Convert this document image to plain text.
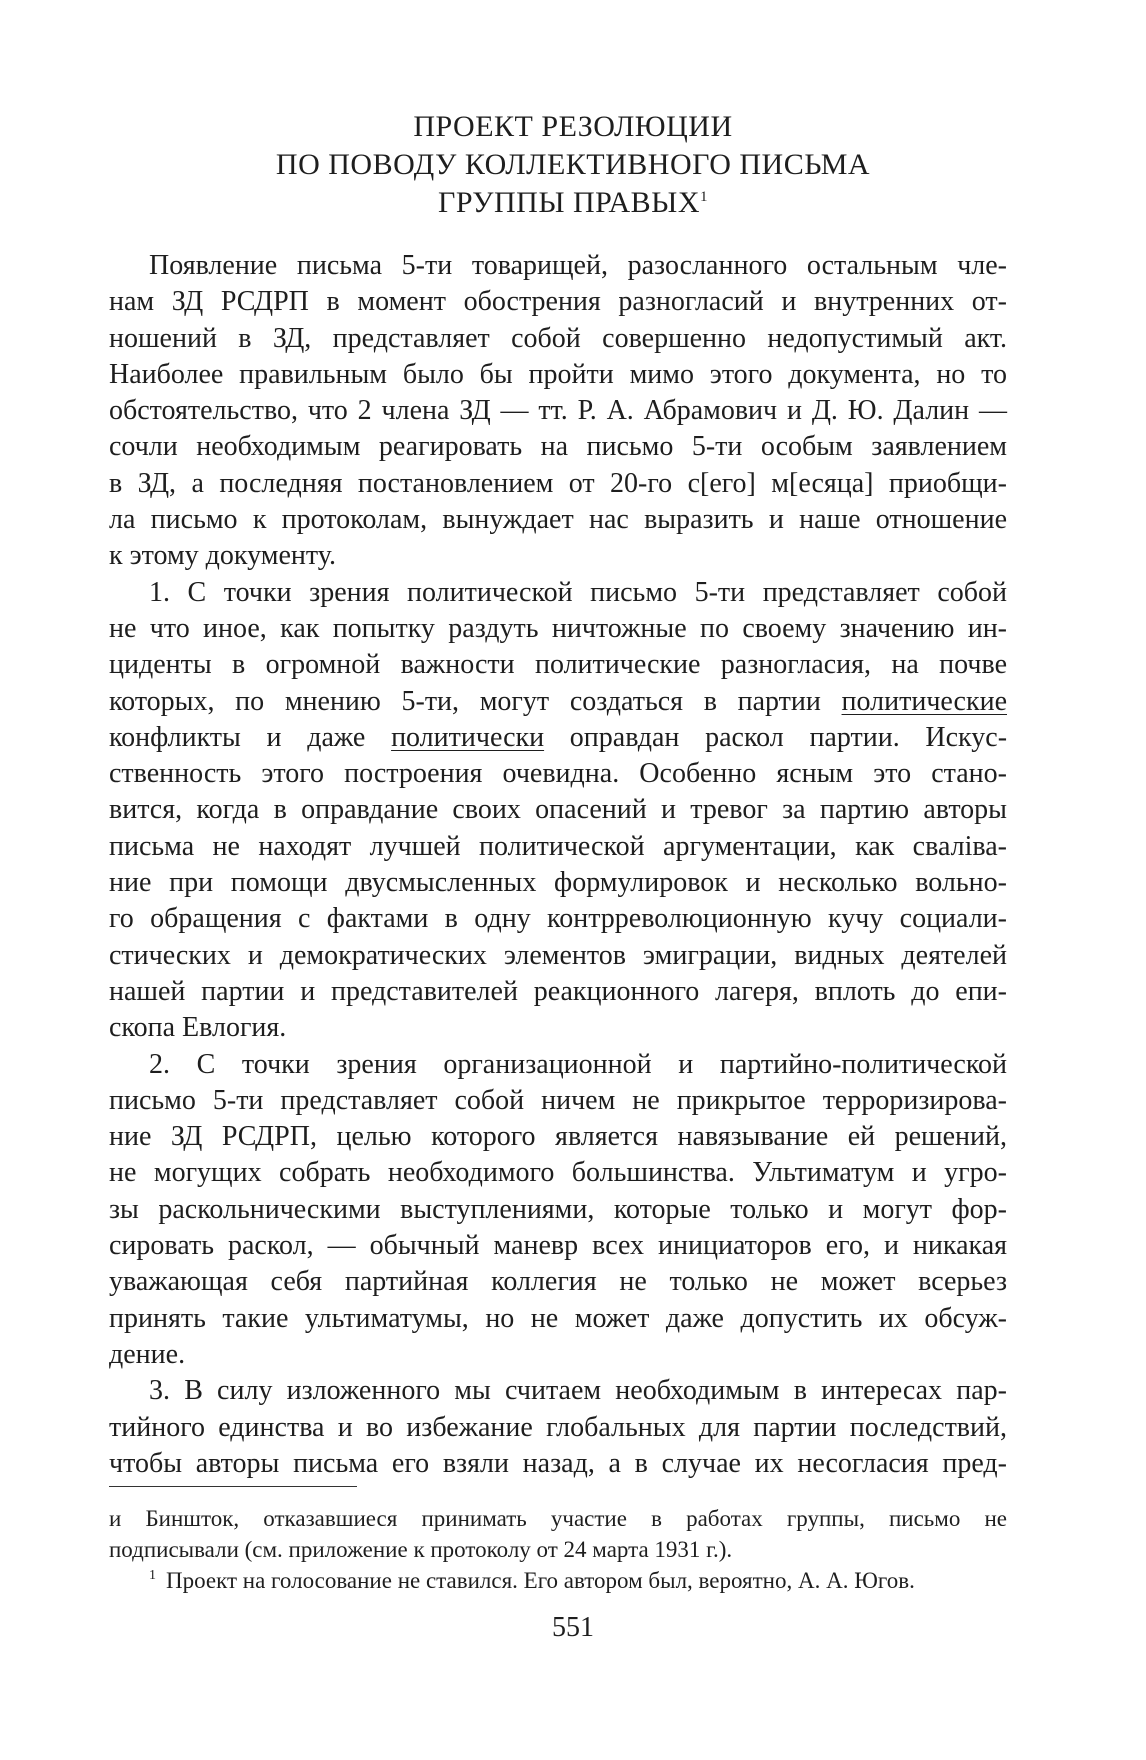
ПРОЕКТ РЕЗОЛЮЦИИ
ПО ПОВОДУ КОЛЛЕКТИВНОГО ПИСЬМА
ГРУППЫ ПРАВЫХ$^1$
Появление письма 5-ти товарищей, разосланного остальным чле-
нам ЗД РСДРП в момент обострения разногласий и внутренних от-
ношений в ЗД, представляет собой совершенно недопустимый акт.
Наиболее правильным было бы пройти мимо этого документа, но то
обстоятельство, что 2 члена ЗД — тт. Р. А. Абрамович и Д. Ю. Далин —
сочли необходимым реагировать на письмо 5-ти особым заявлением
в ЗД, а последняя постановлением от 20-го с[его] м[есяца] приобщи-
ла письмо к протоколам, вынуждает нас выразить и наше отношение
к этому документу.
1. С точки зрения политической письмо 5-ти представляет собой
не что иное, как попытку раздуть ничтожные по своему значению ин-
циденты в огромной важности политические разногласия, на почве
которых, по мнению 5-ти, могут создаться в партии политические
конфликты и даже политически оправдан раскол партии. Искус-
ственность этого построения очевидна. Особенно ясным это стано-
вится, когда в оправдание своих опасений и тревог за партию авторы
письма не находят лучшей политической аргументации, как сваліва-
ние при помощи двусмысленных формулировок и несколько вольно-
го обращения с фактами в одну контрреволюционную кучу социали-
стических и демократических элементов эмиграции, видных деятелей
нашей партии и представителей реакционного лагеря, вплоть до епи-
скопа Евлогия.
2. С точки зрения организационной и партийно-политической
письмо 5-ти представляет собой ничем не прикрытое терроризирова-
ние ЗД РСДРП, целью которого является навязывание ей решений,
не могущих собрать необходимого большинства. Ультиматум и угро-
зы раскольническими выступлениями, которые только и могут фор-
сировать раскол, — обычный маневр всех инициаторов его, и никакая
уважающая себя партийная коллегия не только не может всерьез
принять такие ультиматумы, но не может даже допустить их обсуж-
дение.
3. В силу изложенного мы считаем необходимым в интересах пар-
тийного единства и во избежание глобальных для партии последствий,
чтобы авторы письма его взяли назад, а в случае их несогласия пред-
и Биншток, отказавшиеся принимать участие в работах группы, письмо не
подписывали (см. приложение к протоколу от 24 марта 1931 г.).
$^1$ Проект на голосование не ставился. Его автором был, вероятно, А. А. Югов.
551
